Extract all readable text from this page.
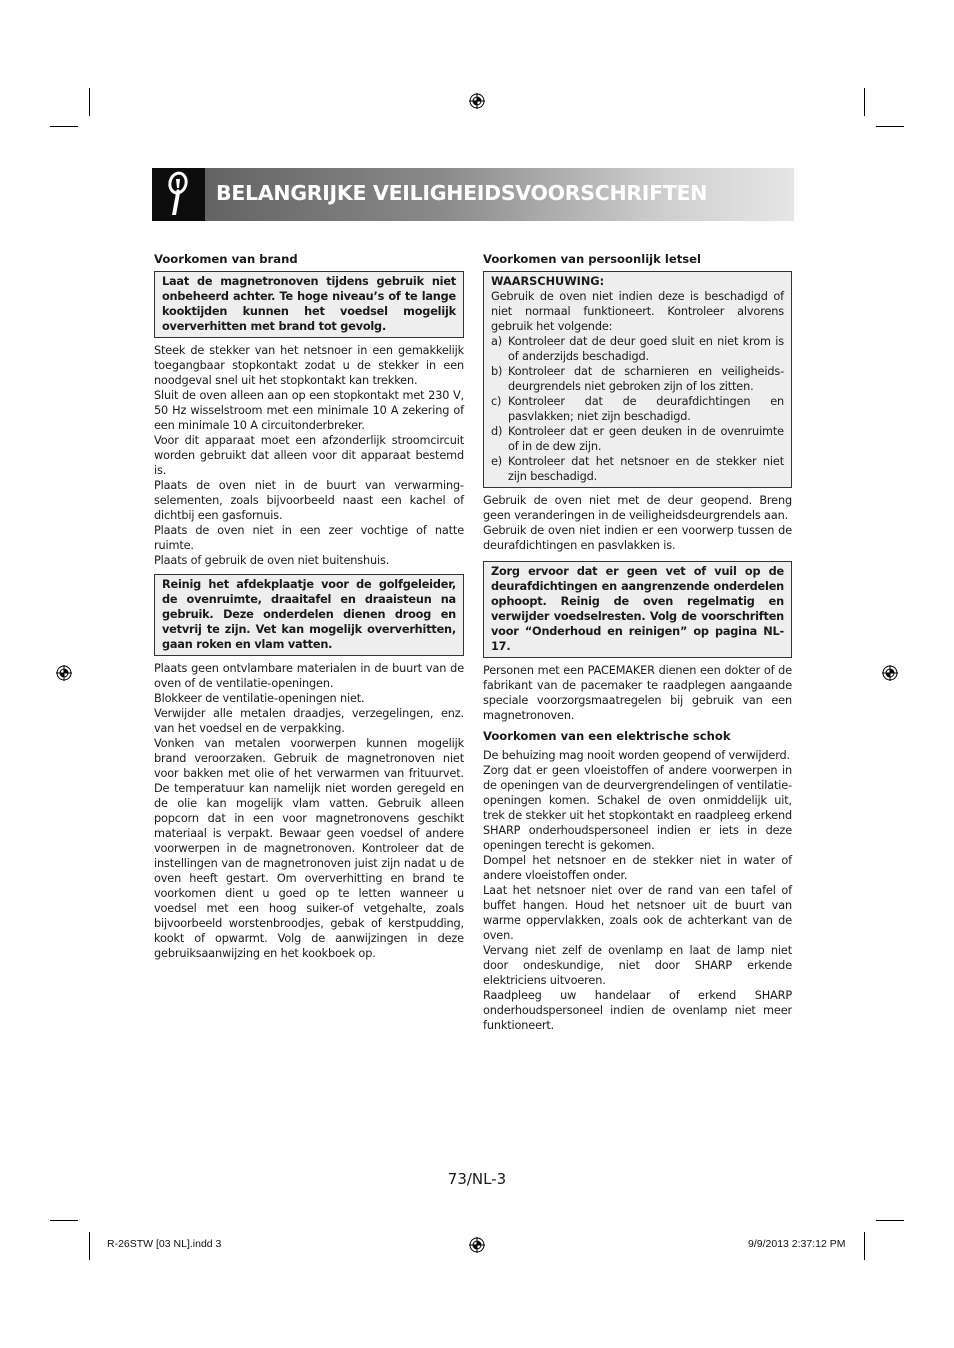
BELANGRIJKE VEILIGHEIDSVOORSCHRIFTEN
Voorkomen van brand

Laat de magnetronoven tijdens gebruik niet onbeheerd achter. Te hoge niveau’s of te lange kooktijden kunnen het voedsel mogelijk oververhitten met brand tot gevolg.

Steek de stekker van het netsnoer in een gemakkelijk toegangbaar stopkontakt zodat u de stekker in een noodgeval snel uit het stopkontakt kan trekken.

Sluit de oven alleen aan op een stopkontakt met 230 V, 50 Hz wisselstroom met een minimale 10 A zekering of een minimale 10 A circuitonderbreker.

Voor dit apparaat moet een afzonderlijk stroomcircuit worden gebruikt dat alleen voor dit apparaat bestemd is.

Plaats de oven niet in de buurt van verwarming-selementen, zoals bijvoorbeeld naast een kachel of dichtbij een gasfornuis.

Plaats de oven niet in een zeer vochtige of natte ruimte.

Plaats of gebruik de oven niet buitenshuis.

Reinig het afdekplaatje voor de golfgeleider, de ovenruimte, draaitafel en draaisteun na gebruik. Deze onderdelen dienen droog en vetvrij te zijn. Vet kan mogelijk oververhitten, gaan roken en vlam vatten.

Plaats geen ontvlambare materialen in de buurt van de oven of de ventilatie-openingen.

Blokkeer de ventilatie-openingen niet.

Verwijder alle metalen draadjes, verzegelingen, enz. van het voedsel en de verpakking.

Vonken van metalen voorwerpen kunnen mogelijk brand veroorzaken. Gebruik de magnetronoven niet voor bakken met olie of het verwarmen van frituurvet. De temperatuur kan namelijk niet worden geregeld en de olie kan mogelijk vlam vatten. Gebruik alleen popcorn dat in een voor magnetronovens geschikt materiaal is verpakt. Bewaar geen voedsel of andere voorwerpen in de magnetronoven. Kontroleer dat de instellingen van de magnetronoven juist zijn nadat u de oven heeft gestart. Om oververhitting en brand te voorkomen dient u goed op te letten wanneer u voedsel met een hoog suiker-of vetgehalte, zoals bijvoorbeeld worstenbroodjes, gebak of kerstpudding, kookt of opwarmt. Volg de aanwijzingen in deze gebruiksaanwijzing en het kookboek op.

Voorkomen van persoonlijk letsel
WAARSCHUWING:

Gebruik de oven niet indien deze is beschadigd of niet normaal funktioneert. Kontroleer alvorens gebruik het volgende:

a) Kontroleer dat de deur goed sluit en niet krom is of anderzijds beschadigd.
b) Kontroleer dat de scharnieren en veiligheids-deurgrendels niet gebroken zijn of los zitten.
c) Kontroleer dat de deurafdichtingen en pasvlakken; niet zijn beschadigd.
d) Kontroleer dat er geen deuken in de ovenruimte of in de dew zijn.
e) Kontroleer dat het netsnoer en de stekker niet zijn beschadigd.

Gebruik de oven niet met de deur geopend. Breng geen veranderingen in de veiligheidsdeurgrendels aan.

Gebruik de oven niet indien er een voorwerp tussen de deurafdichtingen en pasvlakken is.

Zorg ervoor dat er geen vet of vuil op de deurafdichtingen en aangrenzende onderdelen ophoopt. Reinig de oven regelmatig en verwijder voedselresten. Volg de voorschriften voor “Onderhoud en reinigen” op pagina NL-17.

Personen met een PACEMAKER dienen een dokter of de fabrikant van de pacemaker te raadplegen aangaande speciale voorzorgsmaatregelen bij gebruik van een magnetronoven.

Voorkomen van een elektrische schok

De behuizing mag nooit worden geopend of verwijderd.

Zorg dat er geen vloeistoffen of andere voorwerpen in de openingen van de deurvergrendelingen of ventilatie-openingen komen. Schakel de oven onmiddelijk uit, trek de stekker uit het stopkontakt en raadpleeg erkend SHARP onderhoudspersoneel indien er iets in deze openingen terecht is gekomen.

Dompel het netsnoer en de stekker niet in water of andere vloeistoffen onder.

Laat het netsnoer niet over de rand van een tafel of buffet hangen. Houd het netsnoer uit de buurt van warme oppervlakken, zoals ook de achterkant van de oven.

Vervang niet zelf de ovenlamp en laat de lamp niet door ondeskundige, niet door SHARP erkende elektriciens uitvoeren.

Raadpleeg uw handelaar of erkend SHARP onderhoudspersoneel indien de ovenlamp niet meer funktioneert.

73/NL-3

R-26STW [03 NL].indd 3	9/9/2013 2:37:12 PM
